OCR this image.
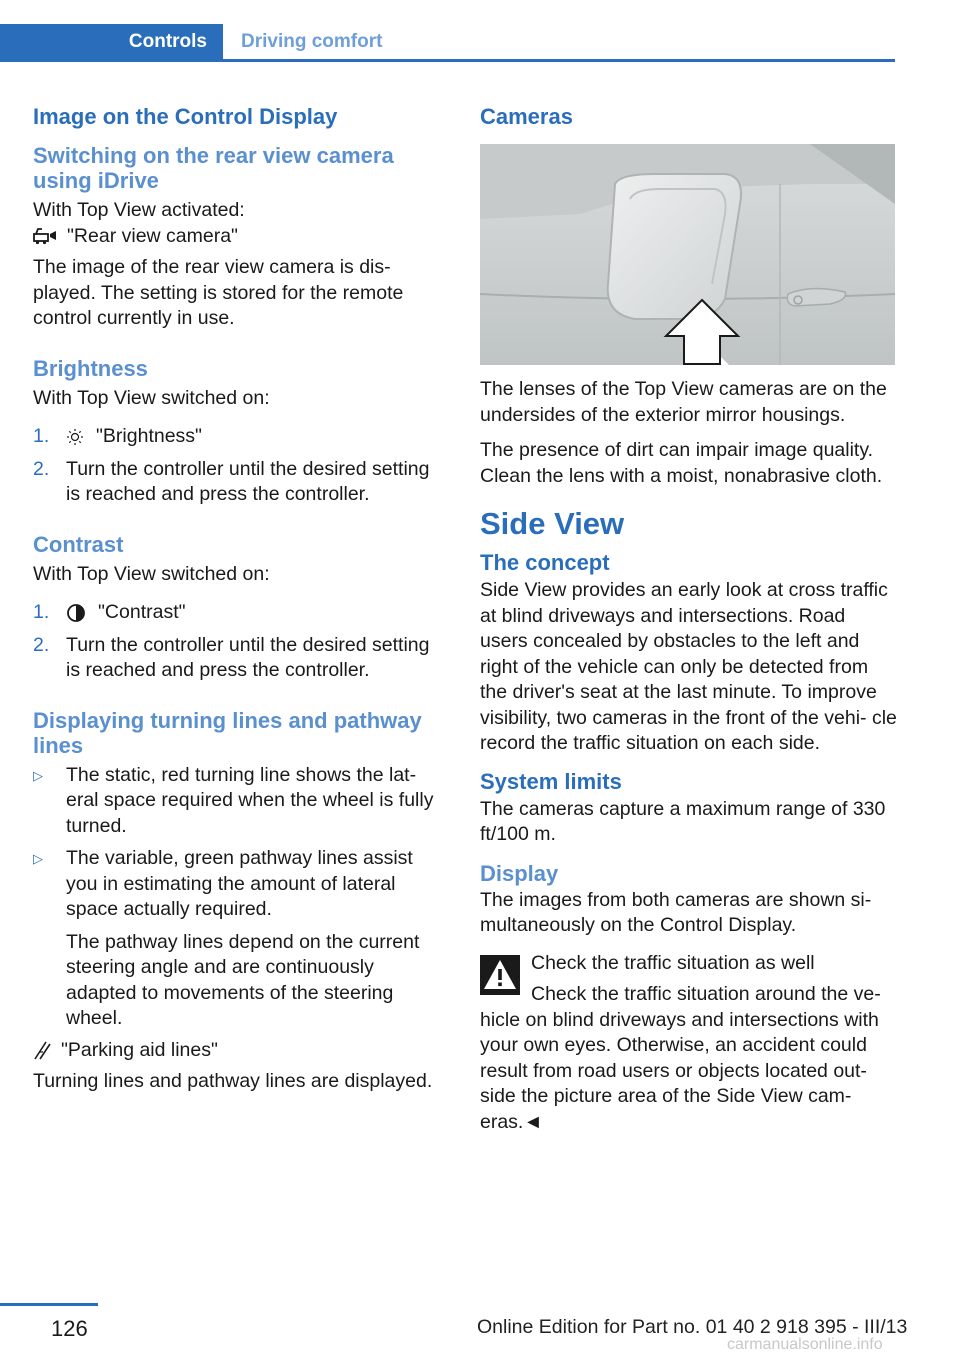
Controls Driving comfort
Image on the Control Display
Switching on the rear view camera using iDrive
With Top View activated:
"Rear view camera"
The image of the rear view camera is dis‐ played. The setting is stored for the remote control currently in use.
Brightness
With Top View switched on:
1.	"Brightness"
2. Turn the controller until the desired setting is reached and press the controller.
Contrast
With Top View switched on:
1.	"Contrast"
2. Turn the controller until the desired setting is reached and press the controller.
Displaying turning lines and pathway lines
▷	The static, red turning line shows the lat‐ eral space required when the wheel is fully turned.
▷	The variable, green pathway lines assist you in estimating the amount of lateral space actually required.
The pathway lines depend on the current steering angle and are continuously adapted to movements of the steering wheel.
"Parking aid lines"
Turning lines and pathway lines are displayed.
Cameras
The lenses of the Top View cameras are on the undersides of the exterior mirror housings.
The presence of dirt can impair image quality. Clean the lens with a moist, nonabrasive cloth.
Side View
The concept
Side View provides an early look at cross traffic at blind driveways and intersections. Road users concealed by obstacles to the left and right of the vehicle can only be detected from the driver's seat at the last minute. To improve visibility, two cameras in the front of the vehi‐ cle record the traffic situation on each side.
System limits
The cameras capture a maximum range of 330 ft/100 m.
Display
The images from both cameras are shown si‐ multaneously on the Control Display.
Check the traffic situation as well
Check the traffic situation around the ve‐
hicle on blind driveways and intersections with your own eyes. Otherwise, an accident could result from road users or objects located out‐ side the picture area of the Side View cam‐ eras.◄
126	Online Edition for Part no. 01 40 2 918 395 - III/13
carmanualsonline.info
